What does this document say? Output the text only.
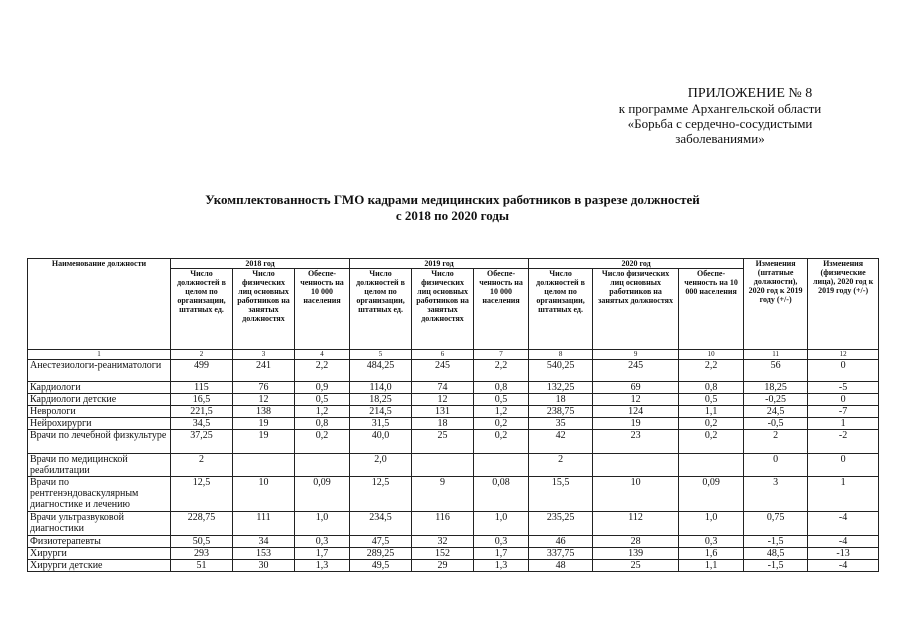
ПРИЛОЖЕНИЕ № 8
к программе Архангельской области
«Борьба с сердечно-сосудистыми
заболеваниями»
Укомплектованность ГМО кадрами медицинских работников в разрезе должностей
с 2018 по 2020 годы
Наименование должности	2018 год			2019 год			2020 год			Изменения (штатные должности), 2020 год к 2019 году (+/-)	Изменения (физические лица), 2020 год к 2019 году (+/-)
	Число должностей в целом по организации, штатных ед.	Число физических лиц основных работников на занятых должностях	Обеспе-ченность на 10 000 населения	Число должностей в целом по организации, штатных ед.	Число физических лиц основных работников на занятых должностях	Обеспе-ченность на 10 000 населения	Число должностей в целом по организации, штатных ед.	Число физических лиц основных работников на занятых должностях	Обеспе-ченность на 10 000 населения		
1	2	3	4	5	6	7	8	9	10	11	12
Анестезиологи-реаниматологи	499	241	2,2	484,25	245	2,2	540,25	245	2,2	56	0
Кардиологи	115	76	0,9	114,0	74	0,8	132,25	69	0,8	18,25	-5
Кардиологи детские	16,5	12	0,5	18,25	12	0,5	18	12	0,5	-0,25	0
Неврологи	221,5	138	1,2	214,5	131	1,2	238,75	124	1,1	24,5	-7
Нейрохирурги	34,5	19	0,8	31,5	18	0,2	35	19	0,2	-0,5	1
Врачи по лечебной физкультуре	37,25	19	0,2	40,0	25	0,2	42	23	0,2	2	-2
Врачи по медицинской реабилитации	2			2,0			2			0	0
Врачи по рентгенэндоваскулярным диагностике и лечению	12,5	10	0,09	12,5	9	0,08	15,5	10	0,09	3	1
Врачи ультразвуковой диагностики	228,75	111	1,0	234,5	116	1,0	235,25	112	1,0	0,75	-4
Физиотерапевты	50,5	34	0,3	47,5	32	0,3	46	28	0,3	-1,5	-4
Хирурги	293	153	1,7	289,25	152	1,7	337,75	139	1,6	48,5	-13
Хирурги детские	51	30	1,3	49,5	29	1,3	48	25	1,1	-1,5	-4
